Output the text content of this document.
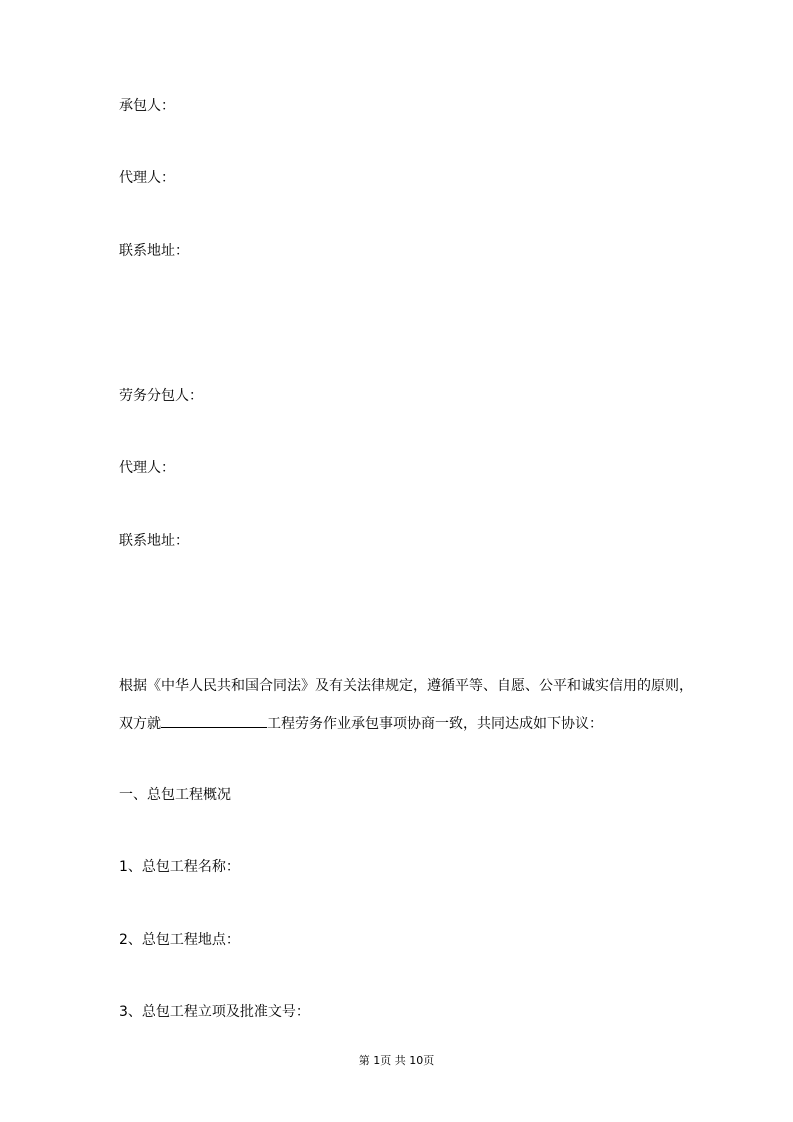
承包人：
代理人：
联系地址：
劳务分包人：
代理人：
联系地址：
根据《中华人民共和国合同法》及有关法律规定，遵循平等、自愿、公平和诚实信用的原则，
双方就	工程劳务作业承包事项协商一致，共同达成如下协议：
一、总包工程概况
1、总包工程名称：
2、总包工程地点：
3、总包工程立项及批准文号：
第 1页 共 10页
